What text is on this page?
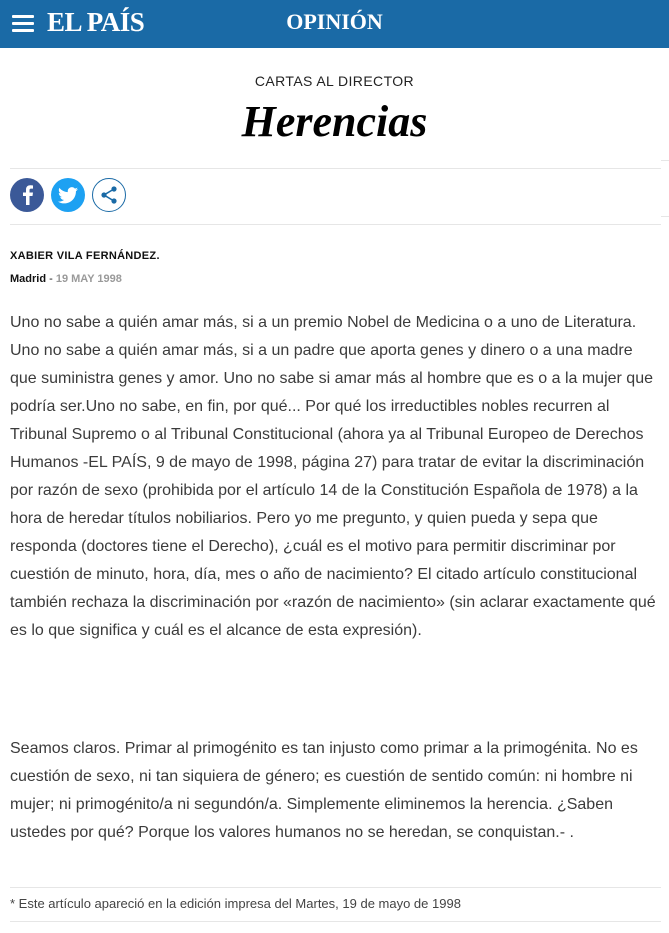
EL PAÍS	OPINIÓN
CARTAS AL DIRECTOR
Herencias
XABIER VILA FERNÁNDEZ.
Madrid - 19 MAY 1998

Uno no sabe a quién amar más, si a un premio Nobel de Medicina o a uno de Literatura. Uno no sabe a quién amar más, si a un padre que aporta genes y dinero o a una madre que suministra genes y amor. Uno no sabe si amar más al hombre que es o a la mujer que podría ser.Uno no sabe, en fin, por qué... Por qué los irreductibles nobles recurren al Tribunal Supremo o al Tribunal Constitucional (ahora ya al Tribunal Europeo de Derechos Humanos -EL PAÍS, 9 de mayo de 1998, página 27) para tratar de evitar la discriminación por razón de sexo (prohibida por el artículo 14 de la Constitución Española de 1978) a la hora de heredar títulos nobiliarios. Pero yo me pregunto, y quien pueda y sepa que responda (doctores tiene el Derecho), ¿cuál es el motivo para permitir discriminar por cuestión de minuto, hora, día, mes o año de nacimiento? El citado artículo constitucional también rechaza la discriminación por «razón de nacimiento» (sin aclarar exactamente qué es lo que significa y cuál es el alcance de esta expresión).

Seamos claros. Primar al primogénito es tan injusto como primar a la primogénita. No es cuestión de sexo, ni tan siquiera de género; es cuestión de sentido común: ni hombre ni mujer; ni primogénito/a ni segundón/a. Simplemente eliminemos la herencia. ¿Saben ustedes por qué? Porque los valores humanos no se heredan, se conquistan.- .

* Este artículo apareció en la edición impresa del Martes, 19 de mayo de 1998
